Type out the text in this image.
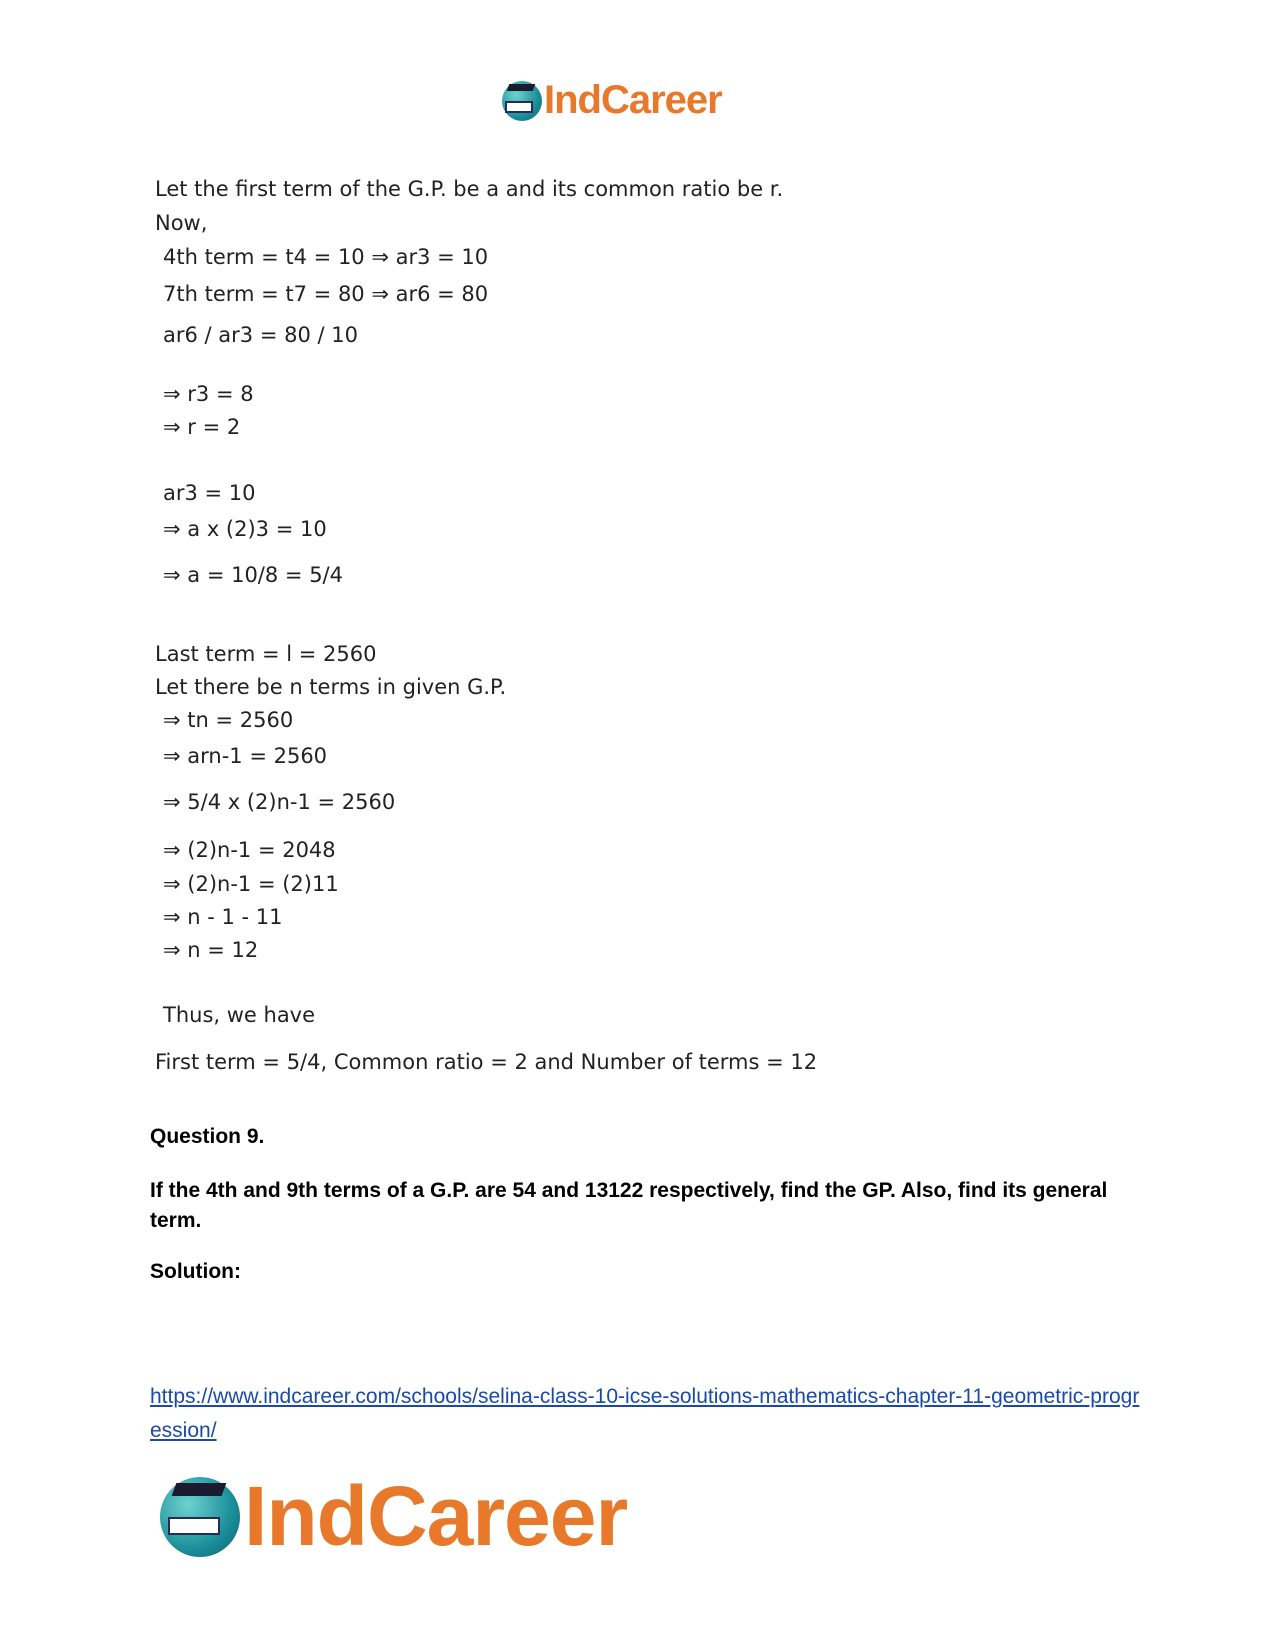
IndCareer
Let the first term of the G.P. be a and its common ratio be r.
Now,
4th term = t4 = 10 ⇒ ar3 = 10
7th term = t7 = 80 ⇒ ar6 = 80
ar6 / ar3 = 80 / 10
⇒ r3 = 8
⇒ r = 2
ar3 = 10
⇒ a x (2)3 = 10
⇒ a = 10/8 = 5/4
Last term = l = 2560
Let there be n terms in given G.P.
⇒ tn = 2560
⇒ arn-1 = 2560
⇒ 5/4 x (2)n-1 = 2560
⇒ (2)n-1 = 2048
⇒ (2)n-1 = (2)11
⇒ n - 1 - 11
⇒ n = 12
Thus, we have
First term = 5/4, Common ratio = 2 and Number of terms = 12
Question 9.
If the 4th and 9th terms of a G.P. are 54 and 13122 respectively, find the GP. Also, find its general term.
Solution:
https://www.indcareer.com/schools/selina-class-10-icse-solutions-mathematics-chapter-11-geometric-progression/
IndCareer
